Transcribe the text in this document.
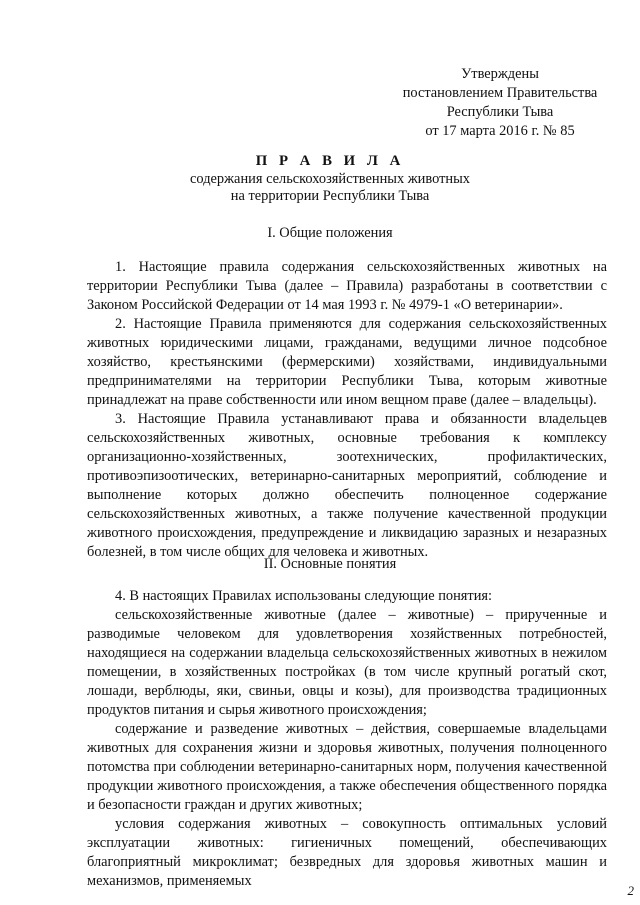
Утверждены
постановлением Правительства
Республики Тыва
от 17 марта 2016 г. № 85
П Р А В И Л А
содержания сельскохозяйственных животных
на территории Республики Тыва
I. Общие положения

1. Настоящие правила содержания сельскохозяйственных животных на территории Республики Тыва (далее – Правила) разработаны в соответствии с Законом Российской Федерации от 14 мая 1993 г. № 4979-1 «О ветеринарии».

2. Настоящие Правила применяются для содержания сельскохозяйственных животных юридическими лицами, гражданами, ведущими личное подсобное хозяйство, крестьянскими (фермерскими) хозяйствами, индивидуальными предпринимателями на территории Республики Тыва, которым животные принадлежат на праве собственности или ином вещном праве (далее – владельцы).

3. Настоящие Правила устанавливают права и обязанности владельцев сельскохозяйственных животных, основные требования к комплексу организационно-хозяйственных, зоотехнических, профилактических, противоэпизоотических, ветеринарно-санитарных мероприятий, соблюдение и выполнение которых должно обеспечить полноценное содержание сельскохозяйственных животных, а также получение качественной продукции животного происхождения, предупреждение и ликвидацию заразных и незаразных болезней, в том числе общих для человека и животных.

II. Основные понятия

4. В настоящих Правилах использованы следующие понятия:

сельскохозяйственные животные (далее – животные) – прирученные и разводимые человеком для удовлетворения хозяйственных потребностей, находящиеся на содержании владельца сельскохозяйственных животных в нежилом помещении, в хозяйственных постройках (в том числе крупный рогатый скот, лошади, верблюды, яки, свиньи, овцы и козы), для производства традиционных продуктов питания и сырья животного происхождения;

содержание и разведение животных – действия, совершаемые владельцами животных для сохранения жизни и здоровья животных, получения полноценного потомства при соблюдении ветеринарно-санитарных норм, получения качественной продукции животного происхождения, а также обеспечения общественного порядка и безопасности граждан и других животных;

условия содержания животных – совокупность оптимальных условий эксплуатации животных: гигиеничных помещений, обеспечивающих благоприятный микроклимат; безвредных для здоровья животных машин и механизмов, применяемых

2
